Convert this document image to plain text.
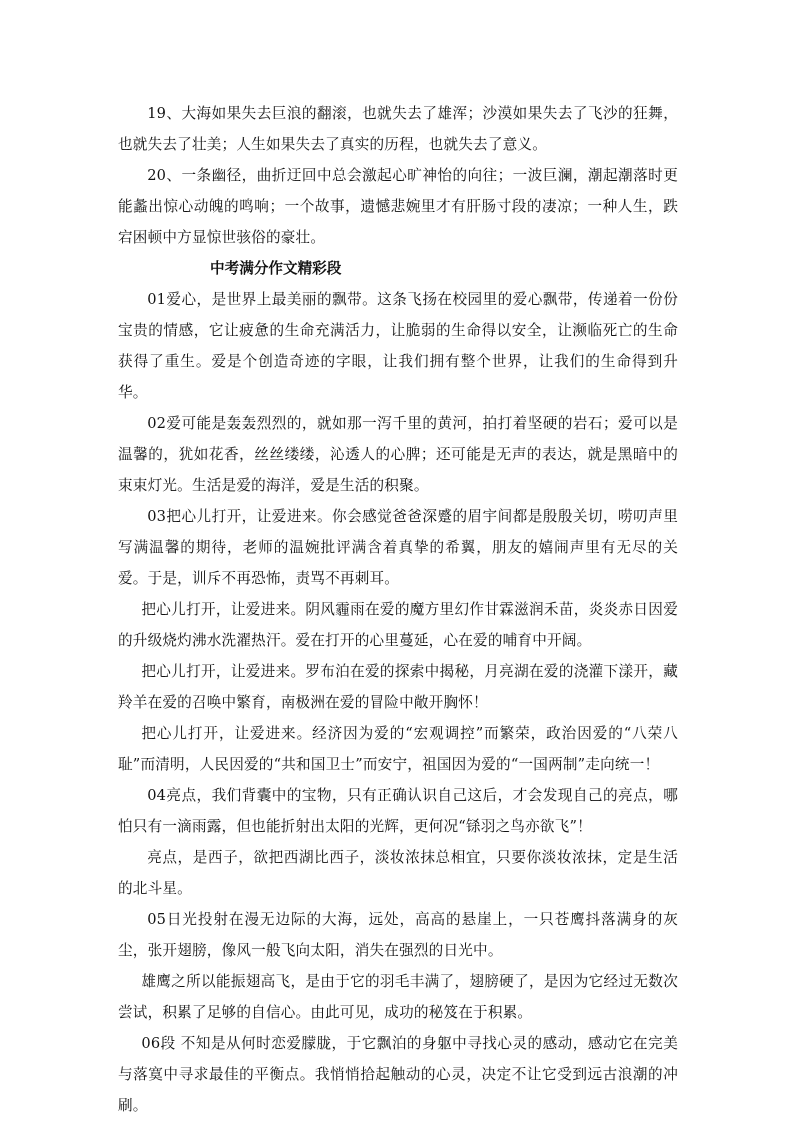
19、大海如果失去巨浪的翻滚，也就失去了雄浑；沙漠如果失去了飞沙的狂舞，也就失去了壮美；人生如果失去了真实的历程，也就失去了意义。

20、一条幽径，曲折迂回中总会激起心旷神怡的向往；一波巨澜，潮起潮落时更能蠡出惊心动魄的鸣响；一个故事，遗憾悲婉里才有肝肠寸段的凄凉；一种人生，跌宕困顿中方显惊世骇俗的豪壮。

中考满分作文精彩段

01爱心，是世界上最美丽的飘带。这条飞扬在校园里的爱心飘带，传递着一份份宝贵的情感，它让疲惫的生命充满活力，让脆弱的生命得以安全，让濒临死亡的生命获得了重生。爱是个创造奇迹的字眼，让我们拥有整个世界，让我们的生命得到升华。

02爱可能是轰轰烈烈的，就如那一泻千里的黄河，拍打着坚硬的岩石；爱可以是温馨的，犹如花香，丝丝缕缕，沁透人的心脾；还可能是无声的表达，就是黑暗中的束束灯光。生活是爱的海洋，爱是生活的积聚。

03把心儿打开，让爱进来。你会感觉爸爸深蹙的眉宇间都是殷殷关切，唠叨声里写满温馨的期待，老师的温婉批评满含着真挚的希翼，朋友的嬉闹声里有无尽的关爱。于是，训斥不再恐怖，责骂不再刺耳。

把心儿打开，让爱进来。阴风霾雨在爱的魔方里幻作甘霖滋润禾苗，炎炎赤日因爱的升级烧灼沸水洗濯热汗。爱在打开的心里蔓延，心在爱的哺育中开阔。

把心儿打开，让爱进来。罗布泊在爱的探索中揭秘，月亮湖在爱的浇灌下漾开，藏羚羊在爱的召唤中繁育，南极洲在爱的冒险中敞开胸怀！

把心儿打开，让爱进来。经济因为爱的“宏观调控”而繁荣，政治因爱的“八荣八耻”而清明，人民因爱的“共和国卫士”而安宁，祖国因为爱的“一国两制”走向统一！

04亮点，我们背囊中的宝物，只有正确认识自己这后，才会发现自己的亮点，哪怕只有一滴雨露，但也能折射出太阳的光辉，更何况“铩羽之鸟亦欲飞”！

亮点，是西子，欲把西湖比西子，淡妆浓抹总相宜，只要你淡妆浓抹，定是生活的北斗星。

05日光投射在漫无边际的大海，远处，高高的悬崖上，一只苍鹰抖落满身的灰尘，张开翅膀，像风一般飞向太阳，消失在强烈的日光中。

雄鹰之所以能振翅高飞，是由于它的羽毛丰满了，翅膀硬了，是因为它经过无数次尝试，积累了足够的自信心。由此可见，成功的秘笈在于积累。

06段 不知是从何时恋爱朦胧，于它飘泊的身躯中寻找心灵的感动，感动它在完美与落寞中寻求最佳的平衡点。我悄悄拾起触动的心灵，决定不让它受到远古浪潮的冲刷。
